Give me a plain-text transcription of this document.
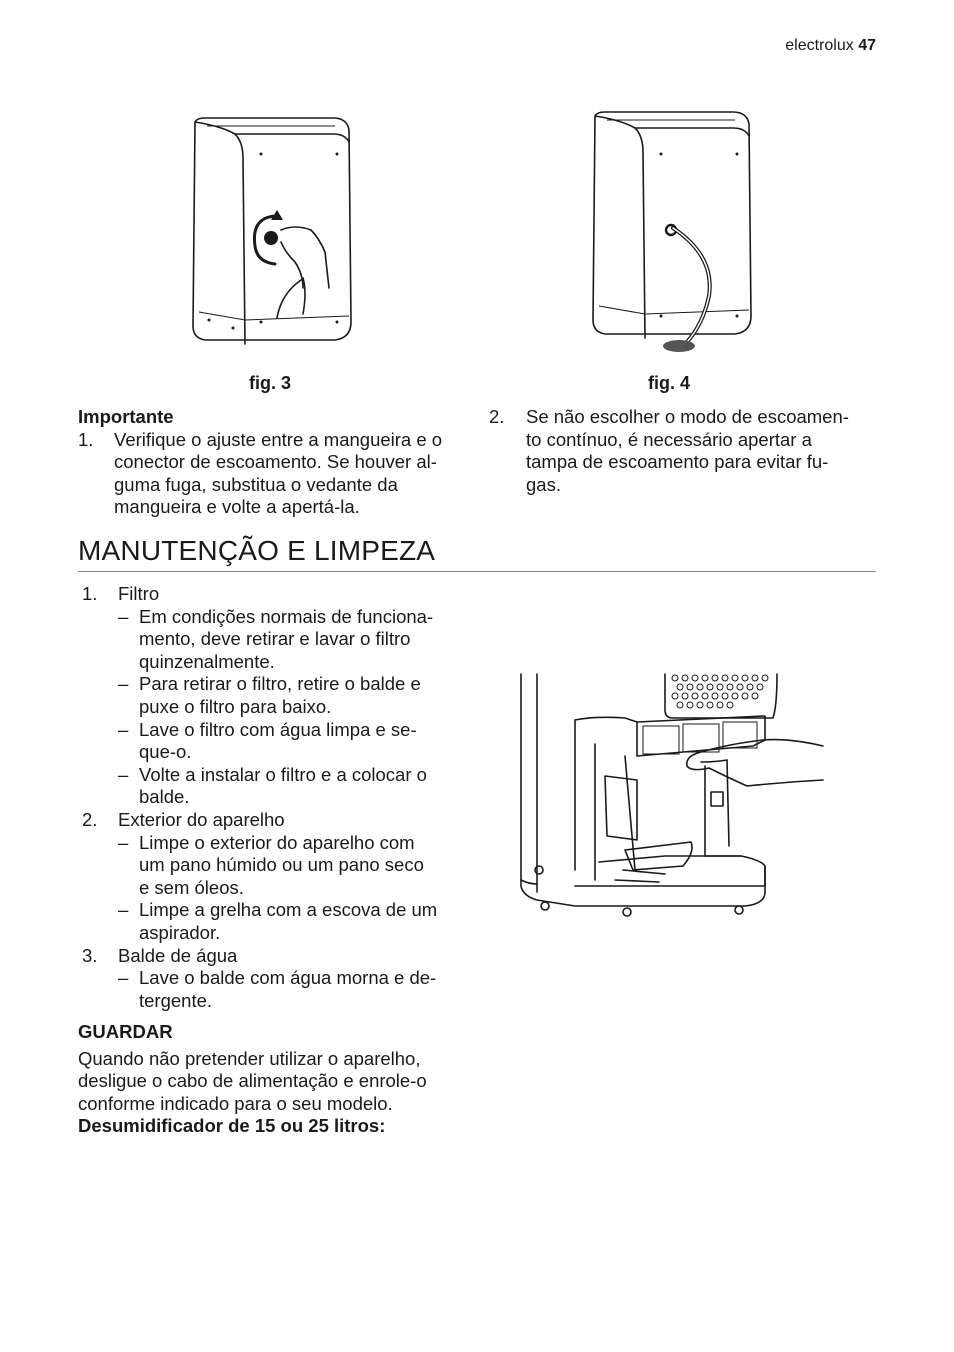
electrolux 47
fig. 3	fig. 4
Importante
1. Verifique o ajuste entre a mangueira e o
conector de escoamento. Se houver al-
guma fuga, substitua o vedante da
mangueira e volte a apertá-la.
2. Se não escolher o modo de escoamen-
to contínuo, é necessário apertar a
tampa de escoamento para evitar fu-
gas.
MANUTENÇÃO E LIMPEZA
1. Filtro
– Em condições normais de funciona-
mento, deve retirar e lavar o filtro
quinzenalmente.
– Para retirar o filtro, retire o balde e
puxe o filtro para baixo.
– Lave o filtro com água limpa e se-
que-o.
– Volte a instalar o filtro e a colocar o
balde.
2. Exterior do aparelho
– Limpe o exterior do aparelho com
um pano húmido ou um pano seco
e sem óleos.
– Limpe a grelha com a escova de um
aspirador.
3. Balde de água
– Lave o balde com água morna e de-
tergente.
GUARDAR
Quando não pretender utilizar o aparelho,
desligue o cabo de alimentação e enrole-o
conforme indicado para o seu modelo.
Desumidificador de 15 ou 25 litros:
